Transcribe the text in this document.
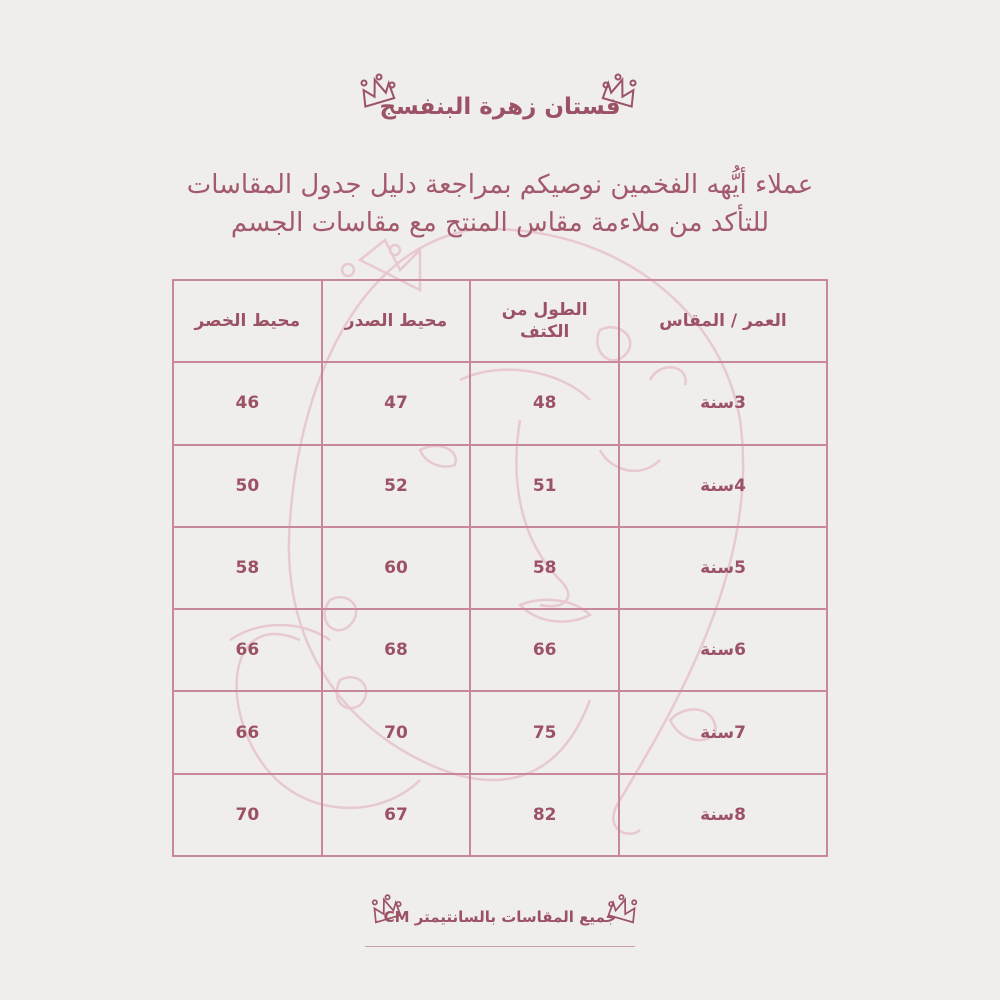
فستان زهرة البنفسج
عملاء أيُّهه الفخمين نوصيكم بمراجعة دليل جدول المقاسات
للتأكد من ملاءمة مقاس المنتج مع مقاسات الجسم
العمر / المقاس	الطول من الكتف	محيط الصدر	محيط الخصر
3سنة	48	47	46
4سنة	51	52	50
5سنة	58	60	58
6سنة	66	68	66
7سنة	75	70	66
8سنة	82	67	70
جميع المقاسات بالسانتيمتر CM
